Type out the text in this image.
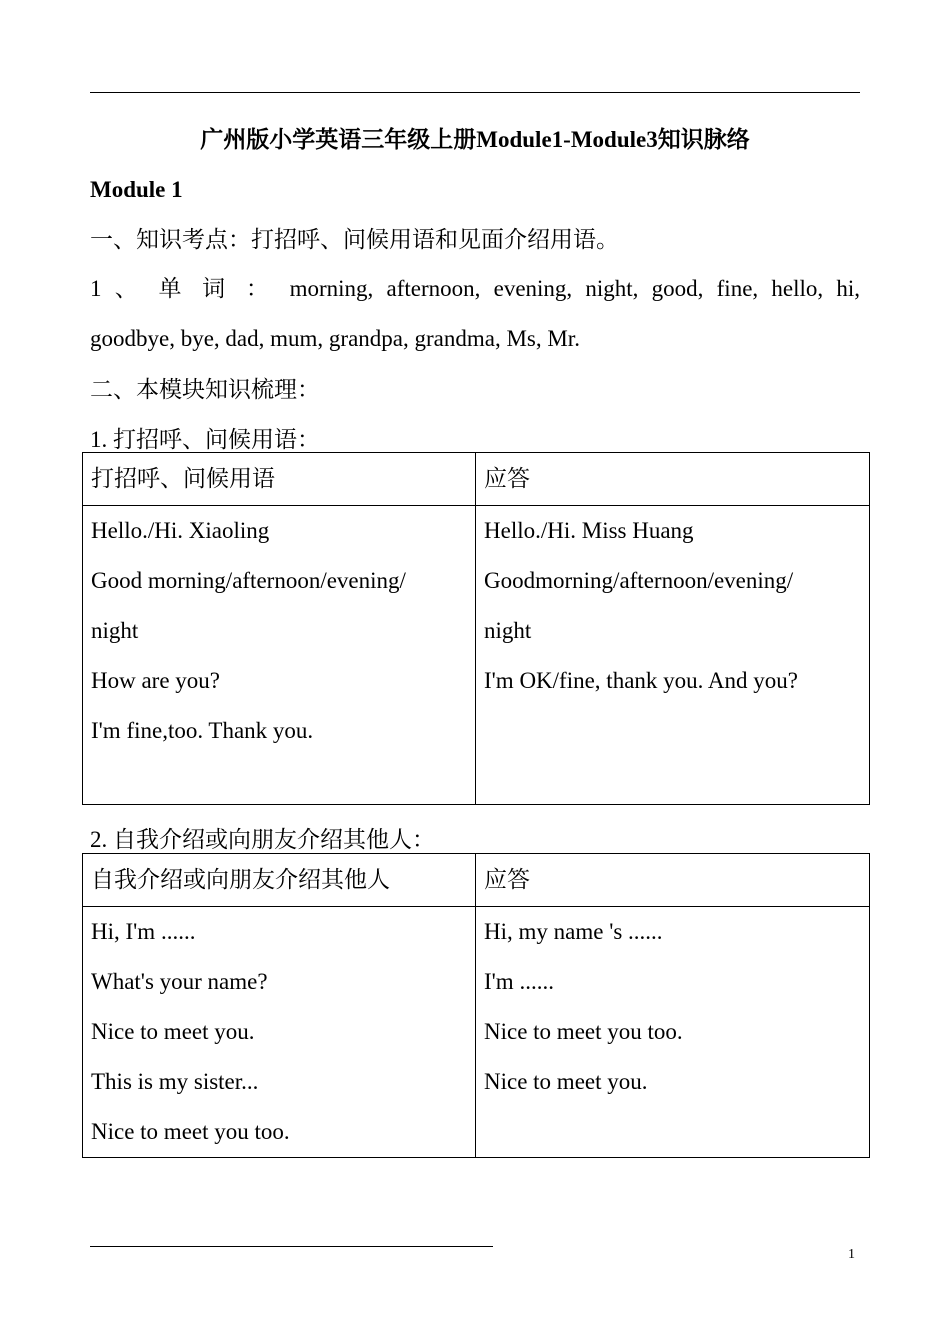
广州版小学英语三年级上册Module1-Module3知识脉络
Module 1
一、知识考点：打招呼、问候用语和见面介绍用语。
1 、 单 词 ： morning, afternoon, evening, night, good, fine, hello, hi,
goodbye, bye, dad, mum, grandpa, grandma, Ms, Mr.
二、本模块知识梳理：
1. 打招呼、问候用语：
打招呼、问候用语	应答

Hello./Hi. Xiaoling
Good morning/afternoon/evening/
night
How are you?
I'm fine,too. Thank you.	Hello./Hi. Miss Huang
Goodmorning/afternoon/evening/
night
I'm OK/fine, thank you. And you?
2. 自我介绍或向朋友介绍其他人：
自我介绍或向朋友介绍其他人	应答

Hi, I'm ......
What's your name?
Nice to meet you.
This is my sister...
Nice to meet you too.	Hi, my name 's ......
I'm ......
Nice to meet you too.
Nice to meet you.
1
